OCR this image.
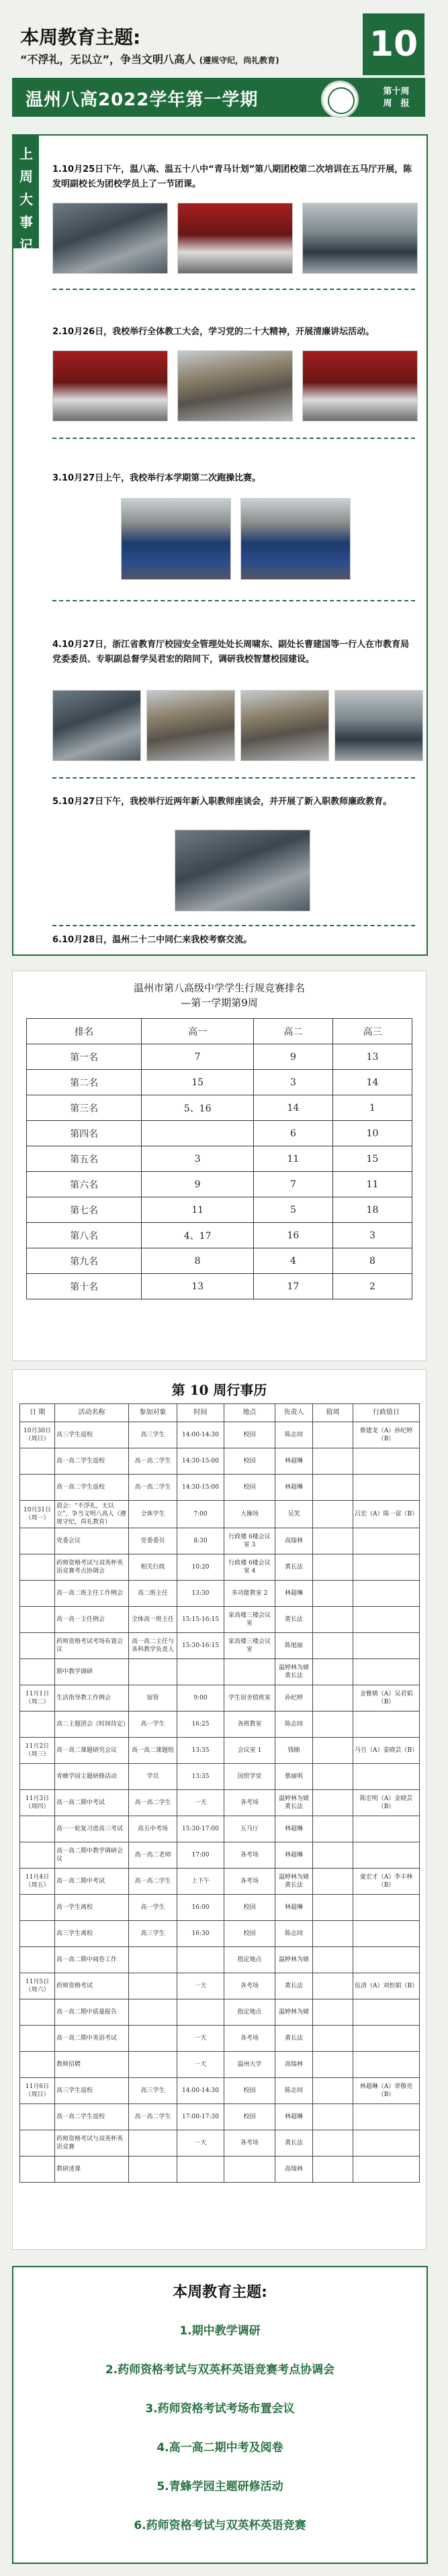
本周教育主题:
“不浮礼，无以立”，争当文明八高人 (遵规守纪，尚礼教育)	10
温州八高2022学年第一学期	第十周
周　报
上
周
大
事
记
1.10月25日下午，温八高、温五十八中“青马计划”第八期团校第二次培训在五马厅开展，陈发明副校长为团校学员上了一节团课。
2.10月26日，我校举行全体教工大会，学习党的二十大精神，开展清廉讲坛活动。
3.10月27日上午，我校举行本学期第二次跑操比赛。
4.10月27日，浙江省教育厅校园安全管理处处长周啸东、副处长曹建国等一行人在市教育局党委委员、专职副总督学吴君宏的陪同下，调研我校智慧校园建设。
5.10月27日下午，我校举行近两年新入职教师座谈会，并开展了新入职教师廉政教育。
6.10月28日，温州二十二中同仁来我校考察交流。
温州市第八高级中学学生行规竞赛排名
—第一学期第9周
排名	高一	高二	高三
第一名	7	9	13
第二名	15	3	14
第三名	5、16	14	1
第四名		6	10
第五名	3	11	15
第六名	9	7	11
第七名	11	5	18
第八名	4、17	16	3
第九名	8	4	8
第十名	13	17	2
第 10 周行事历
日 期	活动名称	参加对象	时间	地点	负责人	值周	行政值日
10月30日（周日）	高三学生返校	高三学生	14:00-14:30	校园	陈志同		蔡建龙（A）孙纪婷（B）
	高一高二学生返校	高一高二学生	14:30-15:00	校园	林超琳		
	高一高二学生返校	高一高二学生	14:30-15:00	校园	林超琳		
10月31日（周一）	晨会：“不浮礼，无以立”，争当文明八高人（遵规守纪，尚礼教育）	全体学生	7:00	大操场	吴笑		吕宏（A）陈一雷（B）
	党委会议	党委委员	8:30	行政楼 6楼会议室 3	高瑞林		
	药师资格考试与双英杯英语竞赛考点协调会	相关行政	10:20	行政楼 6楼会议室 4	黄长法		
	高一高二班主任工作例会	高二班主任	13:30	多功能教室 2	林超琳		
	高一高一主任例会	全体高一班主任	15:15-16:15	家高楼三楼会议室	黄长法		
	药师资格考试考场布置会议	高一高二主任与各科教学负责人	15:30-16:15	家高楼三楼会议室	陈旭丽		
	期中教学调研				温婷林为婧黄长法		
11月1日（周二）	生活指导教工作例会	宿管	9:00	学生宿舍值班室	孙纪婷		金雅婧（A）吴君韬（B）
	高二主题团会（时间待定）	高一学生	16:25	各班教室	陈志同		
11月2日（周三）	高一高二课题研究会议	高一高二课题组	13:35	会议室 1	钱顺		马旦（A）姜晓芸（B）
	青蜂学园主题研修活动	学员	13:35	国贸学堂	蔡丽明		
11月3日（周四）	高一高二期中考试	高一高二学生	一天	各考场	温婷林为婧黄长法		陈宏明（A）金晓芸（B）
	高一一轮复习进高三考试	高五中考场	15:30-17:00	五马厅	林超琳		
	高一高二期中教学调研会议	高一高二老师	17:00	各考场	林超琳		
11月4日（周五）	高一高二期中考试	高一高二学生	上下午	各考场	温婷林为婧黄长法		童宏才（A）李丰林（B）
	高一学生离校	高一学生	16:00	校园	林超琳		
	高三学生离校	高三学生	16:30	校园	陈志同		
	高一高二期中阅卷工作			指定地点	温婷林为婧		
11月5日（周六）	药师资格考试		一天	各考场	黄长法		伍清（A）刘恒娟（B）
	高一高二期中质量报告			指定地点	温婷林为婧		
	高一高二期中英语考试		一天	各考场	黄长法		
	教师招聘		一天	温州大学	高瑞林		
11月6日（周日）	高三学生返校	高三学生	14:00-14:30	校园	陈志同		林超琳（A）章敬亮（B）
	高一高二学生返校	高一高二学生	17:00-17:30	校园	林超琳		
	药师资格考试与双英杯英语竞赛		一天	各考场	黄长法		
	教研述课				高瑞林		
本周教育主题:
1.期中教学调研
2.药师资格考试与双英杯英语竞赛考点协调会
3.药师资格考试考场布置会议
4.高一高二期中考及阅卷
5.青蜂学园主题研修活动
6.药师资格考试与双英杯英语竞赛
